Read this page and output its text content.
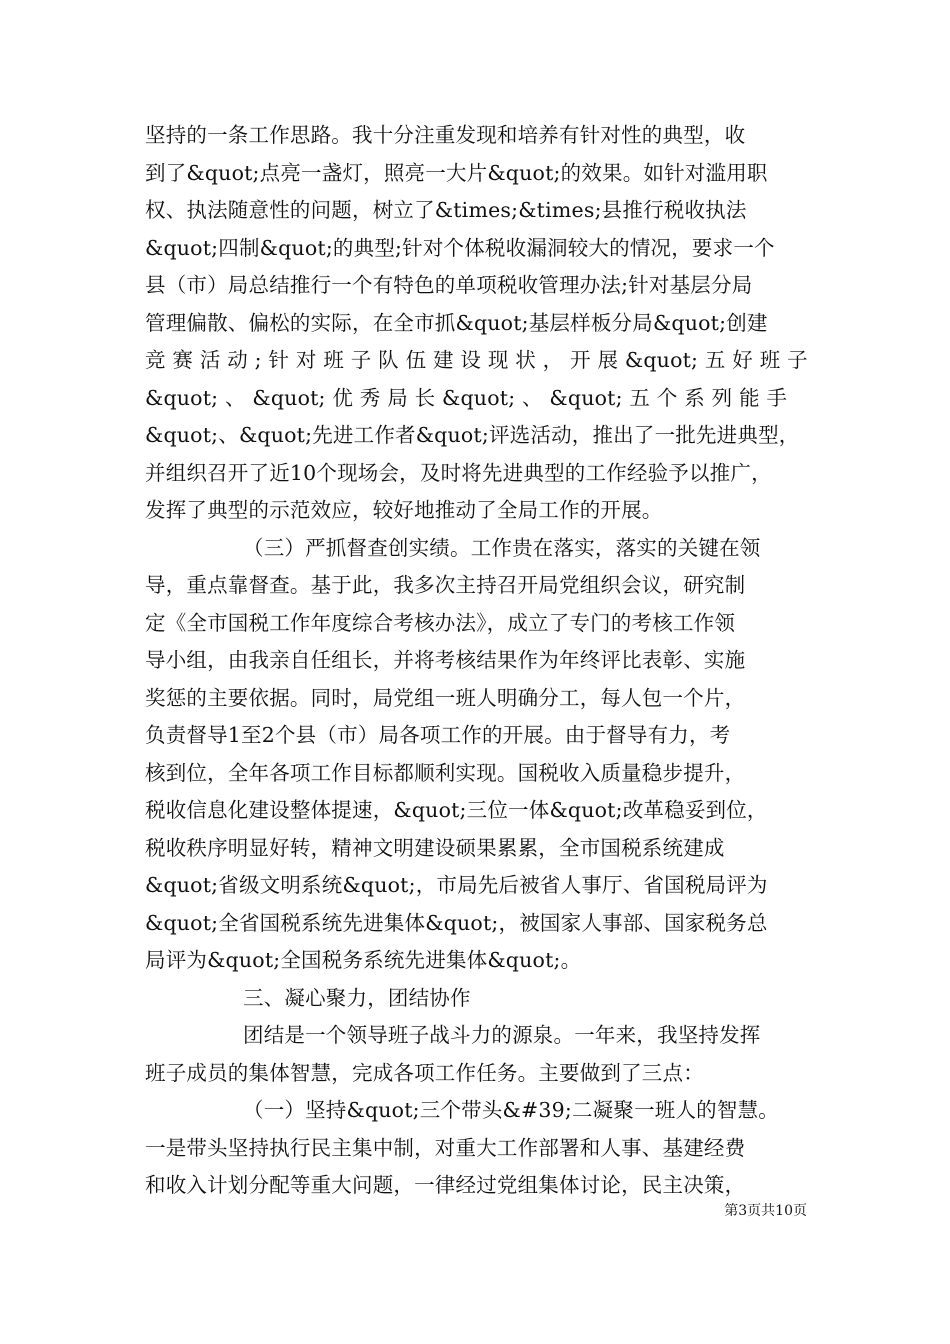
坚持的一条工作思路。我十分注重发现和培养有针对性的典型，收
到了&quot;点亮一盏灯，照亮一大片&quot;的效果。如针对滥用职
权、执法随意性的问题，树立了&times;&times;县推行税收执法
&quot;四制&quot;的典型;针对个体税收漏洞较大的情况，要求一个
县（市）局总结推行一个有特色的单项税收管理办法;针对基层分局
管理偏散、偏松的实际，在全市抓&quot;基层样板分局&quot;创建
竞 赛 活 动 ; 针 对 班 子 队 伍 建 设 现 状 ， 开 展 &quot; 五 好 班 子
&quot; 、 &quot; 优 秀 局 长 &quot; 、 &quot; 五 个 系 列 能 手
&quot;、&quot;先进工作者&quot;评选活动，推出了一批先进典型，
并组织召开了近10个现场会，及时将先进典型的工作经验予以推广，
发挥了典型的示范效应，较好地推动了全局工作的开展。
（三）严抓督查创实绩。工作贵在落实，落实的关键在领
导，重点靠督查。基于此，我多次主持召开局党组织会议，研究制
定《全市国税工作年度综合考核办法》，成立了专门的考核工作领
导小组，由我亲自任组长，并将考核结果作为年终评比表彰、实施
奖惩的主要依据。同时，局党组一班人明确分工，每人包一个片，
负责督导1至2个县（市）局各项工作的开展。由于督导有力，考
核到位，全年各项工作目标都顺利实现。国税收入质量稳步提升，
税收信息化建设整体提速，&quot;三位一体&quot;改革稳妥到位，
税收秩序明显好转，精神文明建设硕果累累，全市国税系统建成
&quot;省级文明系统&quot;，市局先后被省人事厅、省国税局评为
&quot;全省国税系统先进集体&quot;，被国家人事部、国家税务总
局评为&quot;全国税务系统先进集体&quot;。
三、凝心聚力，团结协作
团结是一个领导班子战斗力的源泉。一年来，我坚持发挥
班子成员的集体智慧，完成各项工作任务。主要做到了三点：
（一）坚持&quot;三个带头&#39;二凝聚一班人的智慧。
一是带头坚持执行民主集中制，对重大工作部署和人事、基建经费
和收入计划分配等重大问题，一律经过党组集体讨论，民主决策，
第3页共10页
